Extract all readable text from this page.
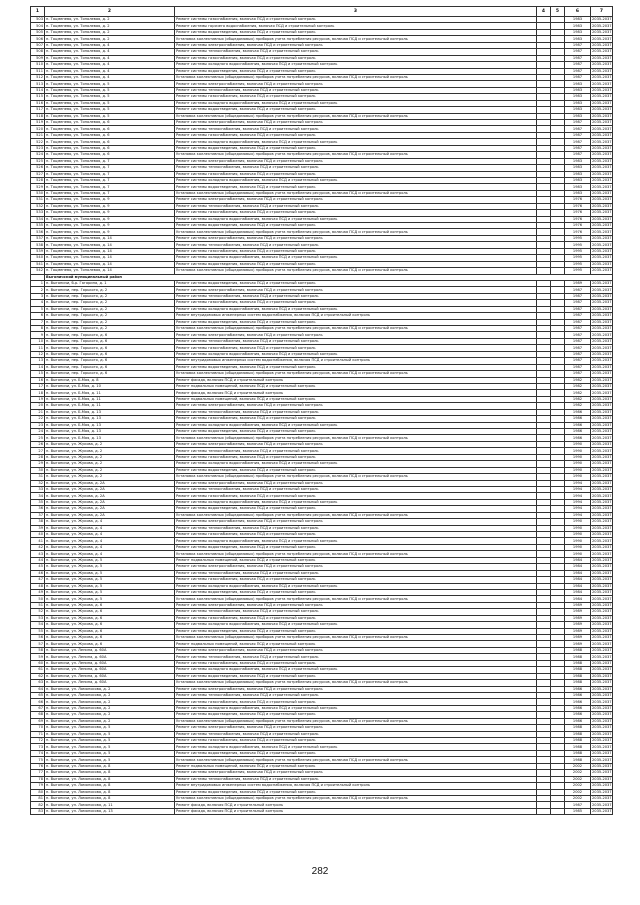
1	2	3	4	5	6	7
503	п. Тоцменево, ул. Тополевая, д. 2	Ремонт системы газоснабжения, включая ПСД и строительный контроль			1983	2035-2037
504	п. Тоцменево, ул. Тополевая, д. 2	Ремонт системы горячего водоснабжения, включая ПСД и строительный контроль			1983	2035-2037
505	п. Тоцменево, ул. Тополевая, д. 2	Ремонт системы водоотведения, включая ПСД и строительный контроль			1983	2035-2037
506	п. Тоцменево, ул. Тополевая, д. 2	Установка коллективных (общедомовых) приборов учета потребления ресурсов, включая ПСД и строительный контроль			1983	2035-2037
507	п. Тоцменево, ул. Тополевая, д. 4	Ремонт системы электроснабжения, включая ПСД и строительный контроль			1987	2035-2037
508	п. Тоцменево, ул. Тополевая, д. 4	Ремонт системы теплоснабжения, включая ПСД и строительный контроль			1987	2035-2037
509	п. Тоцменево, ул. Тополевая, д. 4	Ремонт системы газоснабжения, включая ПСД и строительный контроль			1987	2035-2037
510	п. Тоцменево, ул. Тополевая, д. 4	Ремонт системы холодного водоснабжения, включая ПСД и строительный контроль			1987	2035-2037
511	п. Тоцменево, ул. Тополевая, д. 4	Ремонт системы водоотведения, включая ПСД и строительный контроль			1987	2035-2037
512	п. Тоцменево, ул. Тополевая, д. 4	Установка коллективных (общедомовых) приборов учета потребления ресурсов, включая ПСД и строительный контроль			1987	2035-2037
513	п. Тоцменево, ул. Тополевая, д. 5	Ремонт системы электроснабжения, включая ПСД и строительный контроль			1983	2035-2037
514	п. Тоцменево, ул. Тополевая, д. 5	Ремонт системы теплоснабжения, включая ПСД и строительный контроль			1983	2035-2037
515	п. Тоцменево, ул. Тополевая, д. 5	Ремонт системы газоснабжения, включая ПСД и строительный контроль			1983	2035-2037
516	п. Тоцменево, ул. Тополевая, д. 5	Ремонт системы холодного водоснабжения, включая ПСД и строительный контроль			1983	2035-2037
517	п. Тоцменево, ул. Тополевая, д. 5	Ремонт системы водоотведения, включая ПСД и строительный контроль			1983	2035-2037
518	п. Тоцменево, ул. Тополевая, д. 5	Установка коллективных (общедомовых) приборов учета потребления ресурсов, включая ПСД и строительный контроль			1983	2035-2037
519	п. Тоцменево, ул. Тополевая, д. 6	Ремонт системы электроснабжения, включая ПСД и строительный контроль			1987	2035-2037
520	п. Тоцменево, ул. Тополевая, д. 6	Ремонт системы теплоснабжения, включая ПСД и строительный контроль			1987	2035-2037
521	п. Тоцменево, ул. Тополевая, д. 6	Ремонт системы газоснабжения, включая ПСД и строительный контроль			1987	2035-2037
522	п. Тоцменево, ул. Тополевая, д. 6	Ремонт системы холодного водоснабжения, включая ПСД и строительный контроль			1987	2035-2037
523	п. Тоцменево, ул. Тополевая, д. 6	Ремонт системы водоотведения, включая ПСД и строительный контроль			1987	2035-2037
524	п. Тоцменево, ул. Тополевая, д. 6	Установка коллективных (общедомовых) приборов учета потребления ресурсов, включая ПСД и строительный контроль			1987	2035-2037
525	п. Тоцменево, ул. Тополевая, д. 7	Ремонт системы электроснабжения, включая ПСД и строительный контроль			1983	2035-2037
526	п. Тоцменево, ул. Тополевая, д. 7	Ремонт системы теплоснабжения, включая ПСД и строительный контроль			1983	2035-2037
527	п. Тоцменево, ул. Тополевая, д. 7	Ремонт системы газоснабжения, включая ПСД и строительный контроль			1983	2035-2037
528	п. Тоцменево, ул. Тополевая, д. 7	Ремонт системы холодного водоснабжения, включая ПСД и строительный контроль			1983	2035-2037
529	п. Тоцменево, ул. Тополевая, д. 7	Ремонт системы водоотведения, включая ПСД и строительный контроль			1983	2035-2037
530	п. Тоцменево, ул. Тополевая, д. 7	Установка коллективных (общедомовых) приборов учета потребления ресурсов, включая ПСД и строительный контроль			1983	2035-2037
531	п. Тоцменево, ул. Тополевая, д. 9	Ремонт системы электроснабжения, включая ПСД и строительный контроль			1976	2035-2037
532	п. Тоцменево, ул. Тополевая, д. 9	Ремонт системы теплоснабжения, включая ПСД и строительный контроль			1976	2035-2037
533	п. Тоцменево, ул. Тополевая, д. 9	Ремонт системы газоснабжения, включая ПСД и строительный контроль			1976	2035-2037
534	п. Тоцменево, ул. Тополевая, д. 9	Ремонт системы холодного водоснабжения, включая ПСД и строительный контроль			1976	2035-2037
535	п. Тоцменево, ул. Тополевая, д. 9	Ремонт системы водоотведения, включая ПСД и строительный контроль			1976	2035-2037
536	п. Тоцменево, ул. Тополевая, д. 9	Установка коллективных (общедомовых) приборов учета потребления ресурсов, включая ПСД и строительный контроль			1976	2035-2037
537	п. Тоцменево, ул. Тополевая, д. 14	Ремонт системы электроснабжения, включая ПСД и строительный контроль			1995	2035-2037
538	п. Тоцменево, ул. Тополевая, д. 14	Ремонт системы теплоснабжения, включая ПСД и строительный контроль			1995	2035-2037
539	п. Тоцменево, ул. Тополевая, д. 14	Ремонт системы газоснабжения, включая ПСД и строительный контроль			1995	2035-2037
540	п. Тоцменево, ул. Тополевая, д. 14	Ремонт системы холодного водоснабжения, включая ПСД и строительный контроль			1995	2035-2037
541	п. Тоцменево, ул. Тополевая, д. 14	Ремонт системы водоотведения, включая ПСД и строительный контроль			1995	2035-2037
542	п. Тоцменево, ул. Тополевая, д. 14	Установка коллективных (общедомовых) приборов учета потребления ресурсов, включая ПСД и строительный контроль			1995	2035-2037
	Выгоничский муниципальный район					
1	п. Выгоничи, б-р. Гагарина, д. 1	Ремонт системы водоотведения, включая ПСД и строительный контроль			1989	2035-2037
2	п. Выгоничи, пер. Горького, д. 2	Ремонт системы электроснабжения, включая ПСД и строительный контроль			1987	2035-2037
3	п. Выгоничи, пер. Горького, д. 2	Ремонт системы теплоснабжения, включая ПСД и строительный контроль			1987	2035-2037
4	п. Выгоничи, пер. Горького, д. 2	Ремонт системы газоснабжения, включая ПСД и строительный контроль			1987	2035-2037
5	п. Выгоничи, пер. Горького, д. 2	Ремонт системы холодного водоснабжения, включая ПСД и строительный контроль			1987	2035-2037
6	п. Выгоничи, пер. Горького, д. 2	Ремонт внутридомовых инженерных систем водоснабжения, включая ПСД и строительный контроль			1987	2035-2037
7	п. Выгоничи, пер. Горького, д. 2	Ремонт системы водоотведения, включая ПСД и строительный контроль			1987	2035-2037
8	п. Выгоничи, пер. Горького, д. 2	Установка коллективных (общедомовых) приборов учета потребления ресурсов, включая ПСД и строительный контроль			1987	2035-2037
9	п. Выгоничи, пер. Горького, д. 6	Ремонт системы электроснабжения, включая ПСД и строительный контроль			1987	2035-2037
10	п. Выгоничи, пер. Горького, д. 6	Ремонт системы теплоснабжения, включая ПСД и строительный контроль			1987	2035-2037
11	п. Выгоничи, пер. Горького, д. 6	Ремонт системы газоснабжения, включая ПСД и строительный контроль			1987	2035-2037
12	п. Выгоничи, пер. Горького, д. 6	Ремонт системы холодного водоснабжения, включая ПСД и строительный контроль			1987	2035-2037
13	п. Выгоничи, пер. Горького, д. 6	Ремонт внутридомовых инженерных систем водоснабжения, включая ПСД и строительный контроль			1987	2035-2037
14	п. Выгоничи, пер. Горького, д. 6	Ремонт системы водоотведения, включая ПСД и строительный контроль			1987	2035-2037
15	п. Выгоничи, пер. Горького, д. 6	Установка коллективных (общедомовых) приборов учета потребления ресурсов, включая ПСД и строительный контроль			1987	2035-2037
16	п. Выгоничи, ул. Б.Мая, д. 8	Ремонт фасада, включая ПСД и строительный контроль			1982	2035-2037
17	п. Выгоничи, ул. Б.Мая, д. 10	Ремонт подвальных помещений, включая ПСД и строительный контроль			1982	2035-2037
18	п. Выгоничи, ул. Б.Мая, д. 11	Ремонт фасада, включая ПСД и строительный контроль			1982	2035-2037
19	п. Выгоничи, ул. Б.Мая, д. 11	Ремонт подвальных помещений, включая ПСД и строительный контроль			1982	2035-2037
20	п. Выгоничи, ул. Б.Мая, д. 11	Ремонт системы электроснабжения, включая ПСД и строительный контроль			1982	2035-2037
21	п. Выгоничи, ул. Б.Мая, д. 13	Ремонт системы теплоснабжения, включая ПСД и строительный контроль			1986	2035-2037
22	п. Выгоничи, ул. Б.Мая, д. 13	Ремонт системы газоснабжения, включая ПСД и строительный контроль			1986	2035-2037
23	п. Выгоничи, ул. Б.Мая, д. 13	Ремонт системы холодного водоснабжения, включая ПСД и строительный контроль			1986	2035-2037
24	п. Выгоничи, ул. Б.Мая, д. 13	Ремонт системы водоотведения, включая ПСД и строительный контроль			1986	2035-2037
25	п. Выгоничи, ул. Б.Мая, д. 13	Установка коллективных (общедомовых) приборов учета потребления ресурсов, включая ПСД и строительный контроль			1986	2035-2037
26	п. Выгоничи, ул. Жукова, д. 2	Ремонт системы электроснабжения, включая ПСД и строительный контроль			1990	2035-2037
27	п. Выгоничи, ул. Жукова, д. 2	Ремонт системы теплоснабжения, включая ПСД и строительный контроль			1990	2035-2037
28	п. Выгоничи, ул. Жукова, д. 2	Ремонт системы газоснабжения, включая ПСД и строительный контроль			1990	2035-2037
29	п. Выгоничи, ул. Жукова, д. 2	Ремонт системы холодного водоснабжения, включая ПСД и строительный контроль			1990	2035-2037
30	п. Выгоничи, ул. Жукова, д. 2	Ремонт системы водоотведения, включая ПСД и строительный контроль			1990	2035-2037
31	п. Выгоничи, ул. Жукова, д. 2	Установка коллективных (общедомовых) приборов учета потребления ресурсов, включая ПСД и строительный контроль			1990	2035-2037
32	п. Выгоничи, ул. Жукова, д. 2А	Ремонт системы электроснабжения, включая ПСД и строительный контроль			1994	2035-2037
33	п. Выгоничи, ул. Жукова, д. 2А	Ремонт системы теплоснабжения, включая ПСД и строительный контроль			1994	2035-2037
34	п. Выгоничи, ул. Жукова, д. 2А	Ремонт системы газоснабжения, включая ПСД и строительный контроль			1994	2035-2037
35	п. Выгоничи, ул. Жукова, д. 2А	Ремонт системы холодного водоснабжения, включая ПСД и строительный контроль			1994	2035-2037
36	п. Выгоничи, ул. Жукова, д. 2А	Ремонт системы водоотведения, включая ПСД и строительный контроль			1994	2035-2037
37	п. Выгоничи, ул. Жукова, д. 2А	Установка коллективных (общедомовых) приборов учета потребления ресурсов, включая ПСД и строительный контроль			1994	2035-2037
38	п. Выгоничи, ул. Жукова, д. 4	Ремонт системы электроснабжения, включая ПСД и строительный контроль			1990	2035-2037
39	п. Выгоничи, ул. Жукова, д. 4	Ремонт системы теплоснабжения, включая ПСД и строительный контроль			1990	2035-2037
40	п. Выгоничи, ул. Жукова, д. 4	Ремонт системы газоснабжения, включая ПСД и строительный контроль			1990	2035-2037
41	п. Выгоничи, ул. Жукова, д. 4	Ремонт системы холодного водоснабжения, включая ПСД и строительный контроль			1990	2035-2037
42	п. Выгоничи, ул. Жукова, д. 4	Ремонт системы водоотведения, включая ПСД и строительный контроль			1990	2035-2037
43	п. Выгоничи, ул. Жукова, д. 4	Установка коллективных (общедомовых) приборов учета потребления ресурсов, включая ПСД и строительный контроль			1990	2035-2037
44	п. Выгоничи, ул. Жукова, д. 5	Ремонт подвальных помещений, включая ПСД и строительный контроль			1984	2035-2037
45	п. Выгоничи, ул. Жукова, д. 5	Ремонт системы электроснабжения, включая ПСД и строительный контроль			1984	2035-2037
46	п. Выгоничи, ул. Жукова, д. 5	Ремонт системы теплоснабжения, включая ПСД и строительный контроль			1984	2035-2037
47	п. Выгоничи, ул. Жукова, д. 5	Ремонт системы газоснабжения, включая ПСД и строительный контроль			1984	2035-2037
48	п. Выгоничи, ул. Жукова, д. 5	Ремонт системы холодного водоснабжения, включая ПСД и строительный контроль			1984	2035-2037
49	п. Выгоничи, ул. Жукова, д. 5	Ремонт системы водоотведения, включая ПСД и строительный контроль			1984	2035-2037
50	п. Выгоничи, ул. Жукова, д. 5	Установка коллективных (общедомовых) приборов учета потребления ресурсов, включая ПСД и строительный контроль			1984	2035-2037
51	п. Выгоничи, ул. Жукова, д. 6	Ремонт системы электроснабжения, включая ПСД и строительный контроль			1989	2035-2037
52	п. Выгоничи, ул. Жукова, д. 6	Ремонт системы теплоснабжения, включая ПСД и строительный контроль			1989	2035-2037
53	п. Выгоничи, ул. Жукова, д. 6	Ремонт системы газоснабжения, включая ПСД и строительный контроль			1989	2035-2037
54	п. Выгоничи, ул. Жукова, д. 6	Ремонт системы холодного водоснабжения, включая ПСД и строительный контроль			1989	2035-2037
55	п. Выгоничи, ул. Жукова, д. 6	Ремонт системы водоотведения, включая ПСД и строительный контроль			1989	2035-2037
56	п. Выгоничи, ул. Жукова, д. 6	Установка коллективных (общедомовых) приборов учета потребления ресурсов, включая ПСД и строительный контроль			1989	2035-2037
57	п. Выгоничи, ул. Жукова, д. 6	Ремонт подвальных помещений, включая ПСД и строительный контроль			1989	2035-2037
58	п. Выгоничи, ул. Ленина, д. 60А	Ремонт системы электроснабжения, включая ПСД и строительный контроль			1988	2035-2037
59	п. Выгоничи, ул. Ленина, д. 60А	Ремонт системы теплоснабжения, включая ПСД и строительный контроль			1988	2035-2037
60	п. Выгоничи, ул. Ленина, д. 60А	Ремонт системы газоснабжения, включая ПСД и строительный контроль			1988	2035-2037
61	п. Выгоничи, ул. Ленина, д. 60А	Ремонт системы холодного водоснабжения, включая ПСД и строительный контроль			1988	2035-2037
62	п. Выгоничи, ул. Ленина, д. 60А	Ремонт системы водоотведения, включая ПСД и строительный контроль			1988	2035-2037
63	п. Выгоничи, ул. Ленина, д. 60А	Установка коллективных (общедомовых) приборов учета потребления ресурсов, включая ПСД и строительный контроль			1988	2035-2037
64	п. Выгоничи, ул. Ломоносова, д. 2	Ремонт системы электроснабжения, включая ПСД и строительный контроль			1986	2035-2037
65	п. Выгоничи, ул. Ломоносова, д. 2	Ремонт системы теплоснабжения, включая ПСД и строительный контроль			1986	2035-2037
66	п. Выгоничи, ул. Ломоносова, д. 2	Ремонт системы газоснабжения, включая ПСД и строительный контроль			1986	2035-2037
67	п. Выгоничи, ул. Ломоносова, д. 2	Ремонт системы холодного водоснабжения, включая ПСД и строительный контроль			1986	2035-2037
68	п. Выгоничи, ул. Ломоносова, д. 2	Ремонт системы водоотведения, включая ПСД и строительный контроль			1986	2035-2037
69	п. Выгоничи, ул. Ломоносова, д. 2	Установка коллективных (общедомовых) приборов учета потребления ресурсов, включая ПСД и строительный контроль			1986	2035-2037
70	п. Выгоничи, ул. Ломоносова, д. 5	Ремонт системы электроснабжения, включая ПСД и строительный контроль			1988	2035-2037
71	п. Выгоничи, ул. Ломоносова, д. 5	Ремонт системы теплоснабжения, включая ПСД и строительный контроль			1988	2035-2037
72	п. Выгоничи, ул. Ломоносова, д. 5	Ремонт системы газоснабжения, включая ПСД и строительный контроль			1988	2035-2037
73	п. Выгоничи, ул. Ломоносова, д. 5	Ремонт системы холодного водоснабжения, включая ПСД и строительный контроль			1988	2035-2037
74	п. Выгоничи, ул. Ломоносова, д. 5	Ремонт системы водоотведения, включая ПСД и строительный контроль			1988	2035-2037
75	п. Выгоничи, ул. Ломоносова, д. 5	Установка коллективных (общедомовых) приборов учета потребления ресурсов, включая ПСД и строительный контроль			1988	2035-2037
76	п. Выгоничи, ул. Ломоносова, д. 8	Ремонт подвальных помещений, включая ПСД и строительный контроль			2002	2035-2037
77	п. Выгоничи, ул. Ломоносова, д. 8	Ремонт системы электроснабжения, включая ПСД и строительный контроль			2002	2035-2037
78	п. Выгоничи, ул. Ломоносова, д. 8	Ремонт системы теплоснабжения, включая ПСД и строительный контроль			2002	2035-2037
79	п. Выгоничи, ул. Ломоносова, д. 8	Ремонт внутридомовых инженерных систем водоснабжения, включая ПСД и строительный контроль			2002	2035-2037
80	п. Выгоничи, ул. Ломоносова, д. 8	Ремонт системы водоотведения, включая ПСД и строительный контроль			2002	2035-2037
81	п. Выгоничи, ул. Ломоносова, д. 8	Установка коллективных (общедомовых) приборов учета потребления ресурсов, включая ПСД и строительный контроль			2002	2035-2037
82	п. Выгоничи, ул. Ломоносова, д. 11	Ремонт фасада, включая ПСД и строительный контроль			1987	2035-2037
83	п. Выгоничи, ул. Ломоносова, д. 13	Ремонт фасада, включая ПСД и строительный контроль			1985	2035-2037
282
